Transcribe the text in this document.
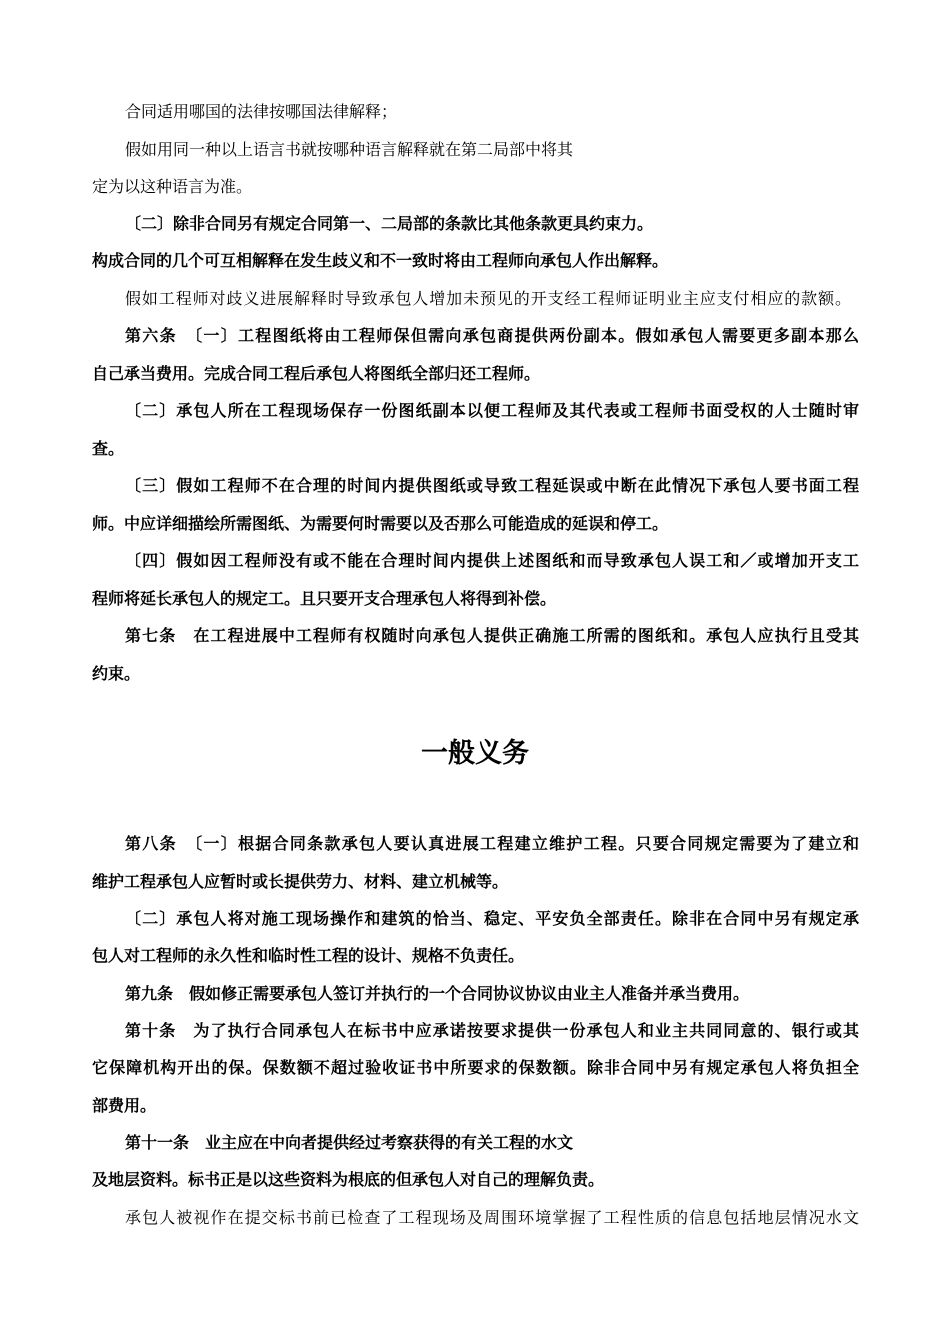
合同适用哪国的法律按哪国法律解释；

假如用同一种以上语言书就按哪种语言解释就在第二局部中将其

定为以这种语言为准。

〔二〕除非合同另有规定合同第一、二局部的条款比其他条款更具约束力。

构成合同的几个可互相解释在发生歧义和不一致时将由工程师向承包人作出解释。

假如工程师对歧义进展解释时导致承包人增加未预见的开支经工程师证明业主应支付相应的款额。

第六条　〔一〕工程图纸将由工程师保但需向承包商提供两份副本。假如承包人需要更多副本那么

自己承当费用。完成合同工程后承包人将图纸全部归还工程师。

〔二〕承包人所在工程现场保存一份图纸副本以便工程师及其代表或工程师书面受权的人士随时审

查。

〔三〕假如工程师不在合理的时间内提供图纸或导致工程延误或中断在此情况下承包人要书面工程

师。中应详细描绘所需图纸、为需要何时需要以及否那么可能造成的延误和停工。

〔四〕假如因工程师没有或不能在合理时间内提供上述图纸和而导致承包人误工和／或增加开支工

程师将延长承包人的规定工。且只要开支合理承包人将得到补偿。

第七条　在工程进展中工程师有权随时向承包人提供正确施工所需的图纸和。承包人应执行且受其

约束。

一般义务

第八条　〔一〕根据合同条款承包人要认真进展工程建立维护工程。只要合同规定需要为了建立和

维护工程承包人应暂时或长提供劳力、材料、建立机械等。

〔二〕承包人将对施工现场操作和建筑的恰当、稳定、平安负全部责任。除非在合同中另有规定承

包人对工程师的永久性和临时性工程的设计、规格不负责任。

第九条　假如修正需要承包人签订并执行的一个合同协议协议由业主人准备并承当费用。

第十条　为了执行合同承包人在标书中应承诺按要求提供一份承包人和业主共同同意的、银行或其

它保障机构开出的保。保数额不超过验收证书中所要求的保数额。除非合同中另有规定承包人将负担全

部费用。

第十一条　业主应在中向者提供经过考察获得的有关工程的水文

及地层资料。标书正是以这些资料为根底的但承包人对自己的理解负责。

承包人被视作在提交标书前已检查了工程现场及周围环境掌握了工程性质的信息包括地层情况水文
